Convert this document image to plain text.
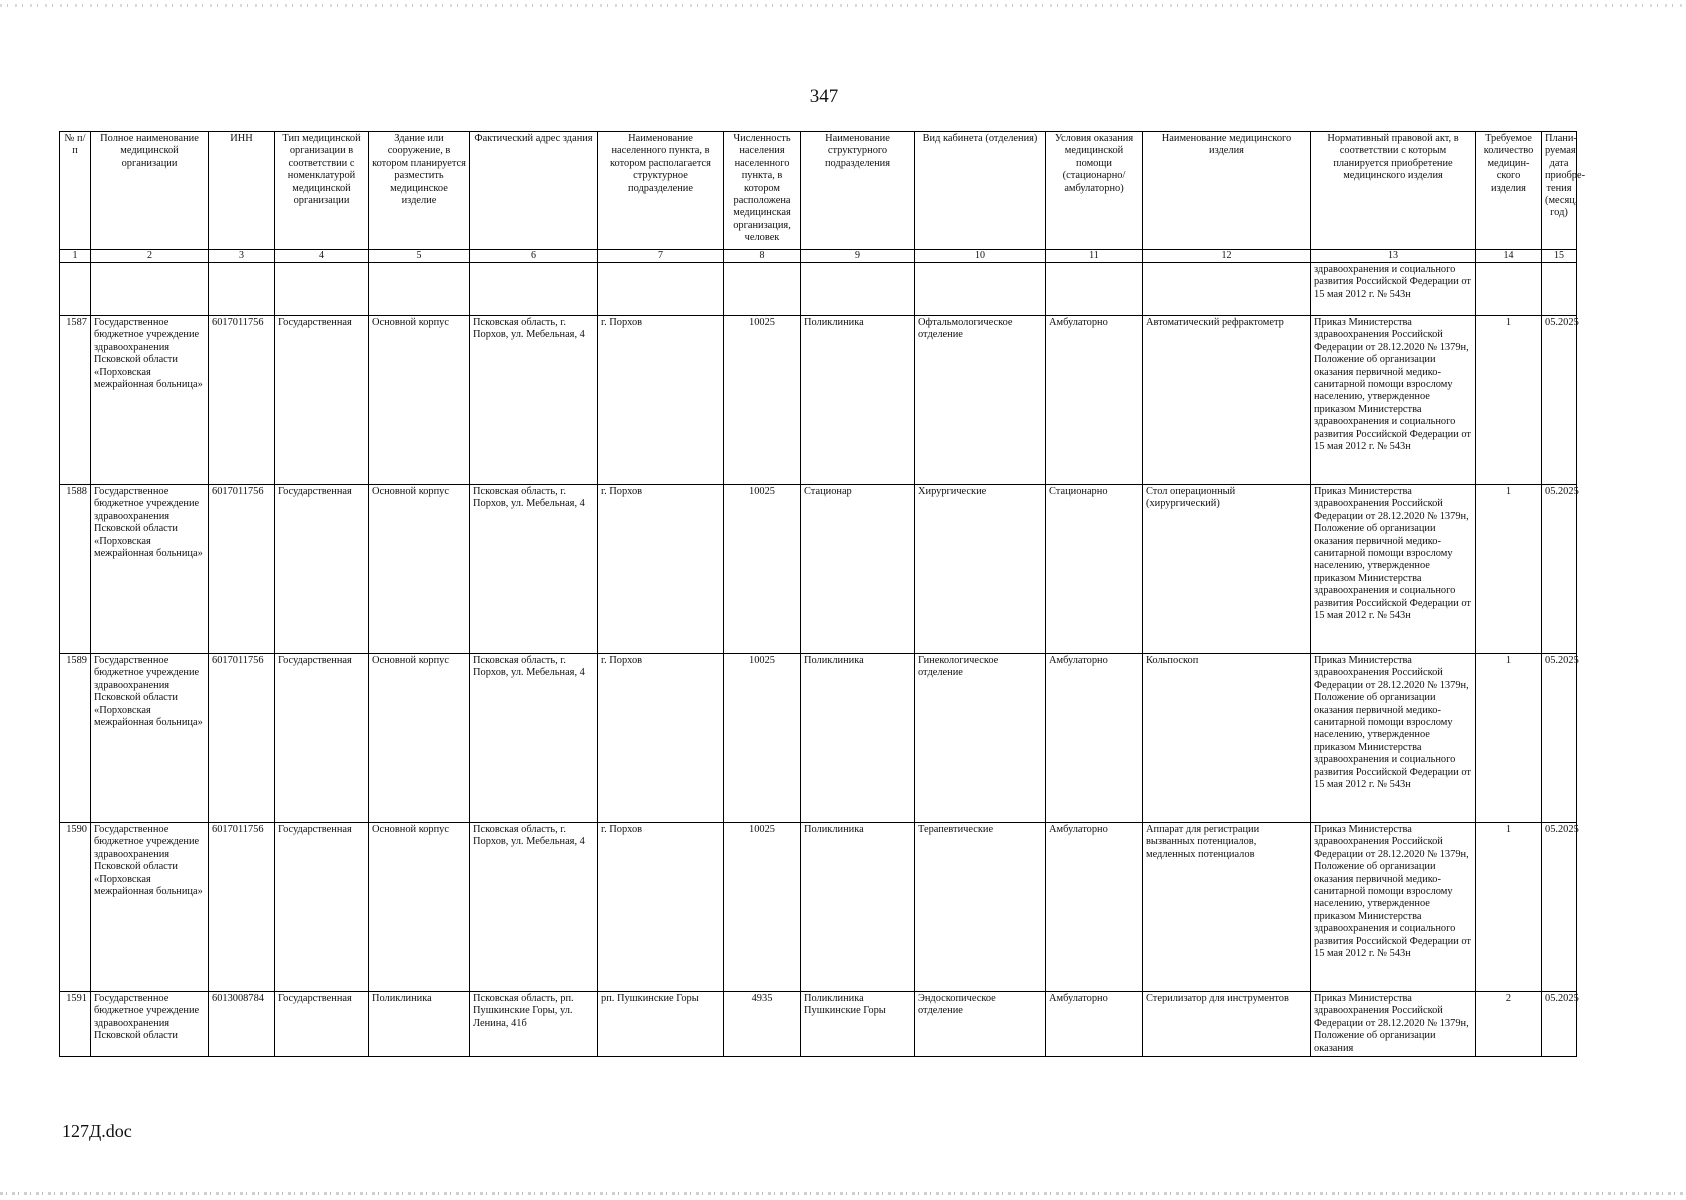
347
№ п/п	Полное наименование медицинской организации	ИНН	Тип медицинской организации в соответствии с номенклатурой медицинской организации	Здание или сооружение, в котором планируется разместить медицинское изделие	Фактический адрес здания	Наименование населенного пункта, в котором располагается структурное подразделение	Численность населения населенного пункта, в котором расположена медицинская организация, человек	Наименование структурного подразделения	Вид кабинета (отделения)	Условия оказания медицинской помощи (стационарно/ амбулаторно)	Наименование медицинского изделия	Нормативный правовой акт, в соответствии с которым планируется приобретение медицинского изделия	Требуемое количество медицин-ского изделия	Плани-руемая дата приобре-тения (месяц, год)
1	2	3	4	5	6	7	8	9	10	11	12	13	14	15
												здравоохранения и социального развития Российской Федерации от 15 мая 2012 г. № 543н		
1587	Государственное бюджетное учреждение здравоохранения Псковской области «Порховская межрайонная больница»	6017011756	Государственная	Основной корпус	Псковская область, г. Порхов, ул. Мебельная, 4	г. Порхов	10025	Поликлиника	Офтальмологическое отделение	Амбулаторно	Автоматический рефрактометр	Приказ Министерства здравоохранения Российской Федерации от 28.12.2020 № 1379н, Положение об организации оказания первичной медико-санитарной помощи взрослому населению, утвержденное приказом Министерства здравоохранения и социального развития Российской Федерации от 15 мая 2012 г. № 543н	1	05.2025
1588	Государственное бюджетное учреждение здравоохранения Псковской области «Порховская межрайонная больница»	6017011756	Государственная	Основной корпус	Псковская область, г. Порхов, ул. Мебельная, 4	г. Порхов	10025	Стационар	Хирургические	Стационарно	Стол операционный (хирургический)	Приказ Министерства здравоохранения Российской Федерации от 28.12.2020 № 1379н, Положение об организации оказания первичной медико-санитарной помощи взрослому населению, утвержденное приказом Министерства здравоохранения и социального развития Российской Федерации от 15 мая 2012 г. № 543н	1	05.2025
1589	Государственное бюджетное учреждение здравоохранения Псковской области «Порховская межрайонная больница»	6017011756	Государственная	Основной корпус	Псковская область, г. Порхов, ул. Мебельная, 4	г. Порхов	10025	Поликлиника	Гинекологическое отделение	Амбулаторно	Кольпоскоп	Приказ Министерства здравоохранения Российской Федерации от 28.12.2020 № 1379н, Положение об организации оказания первичной медико-санитарной помощи взрослому населению, утвержденное приказом Министерства здравоохранения и социального развития Российской Федерации от 15 мая 2012 г. № 543н	1	05.2025
1590	Государственное бюджетное учреждение здравоохранения Псковской области «Порховская межрайонная больница»	6017011756	Государственная	Основной корпус	Псковская область, г. Порхов, ул. Мебельная, 4	г. Порхов	10025	Поликлиника	Терапевтические	Амбулаторно	Аппарат для регистрации вызванных потенциалов, медленных потенциалов	Приказ Министерства здравоохранения Российской Федерации от 28.12.2020 № 1379н, Положение об организации оказания первичной медико-санитарной помощи взрослому населению, утвержденное приказом Министерства здравоохранения и социального развития Российской Федерации от 15 мая 2012 г. № 543н	1	05.2025
1591	Государственное бюджетное учреждение здравоохранения Псковской области	6013008784	Государственная	Поликлиника	Псковская область, рп. Пушкинские Горы, ул. Ленина, 41б	рп. Пушкинские Горы	4935	Поликлиника Пушкинские Горы	Эндоскопическое отделение	Амбулаторно	Стерилизатор для инструментов	Приказ Министерства здравоохранения Российской Федерации от 28.12.2020 № 1379н, Положение об организации оказания	2	05.2025
127Д.doc
